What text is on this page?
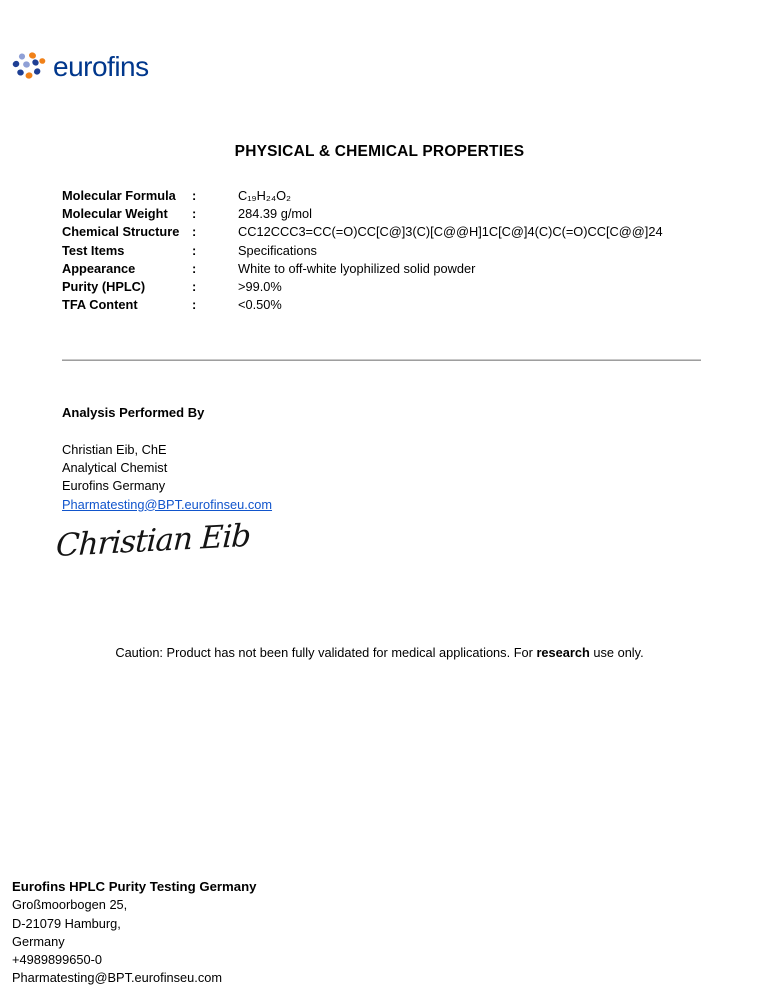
eurofins
PHYSICAL & CHEMICAL PROPERTIES
Molecular Formula	:	C₁₉H₂₄O₂
Molecular Weight	:	284.39 g/mol
Chemical Structure :	CC12CCC3=CC(=O)CC[C@]3(C)[C@@H]1C[C@]4(C)C(=O)CC[C@@]24
Test Items	:	Specifications
Appearance	:	White to off-white lyophilized solid powder
Purity (HPLC)	:	>99.0%
TFA Content	:	<0.50%
Analysis Performed By
Christian Eib, ChE
Analytical Chemist
Eurofins Germany
Pharmatesting@BPT.eurofinseu.com
Christian Eib
Caution: Product has not been fully validated for medical applications. For research use only.
Eurofins HPLC Purity Testing Germany
Großmoorbogen 25,
D-21079 Hamburg,
Germany
+4989899650-0
Pharmatesting@BPT.eurofinseu.com
